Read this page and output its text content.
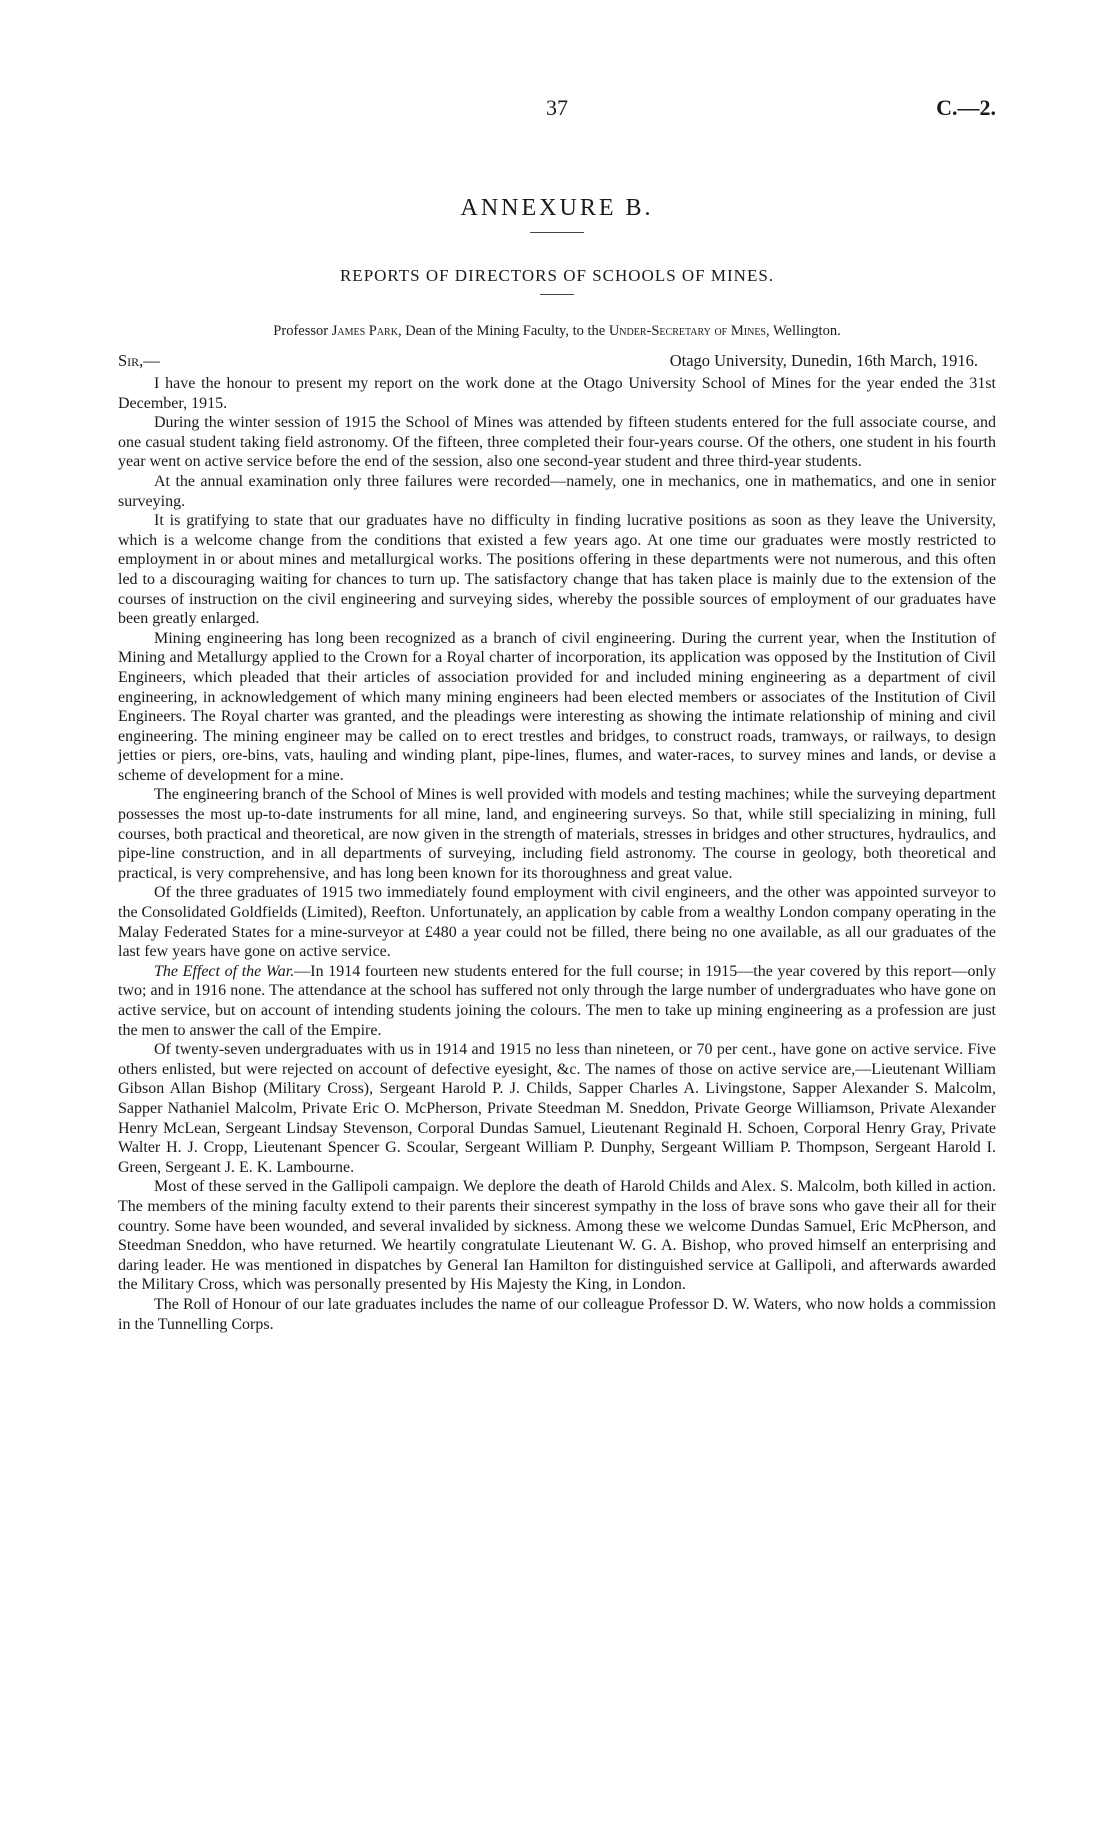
37	C.—2.
ANNEXURE B.
REPORTS OF DIRECTORS OF SCHOOLS OF MINES.
Professor James Park, Dean of the Mining Faculty, to the Under-Secretary of Mines, Wellington.
Sir,—	Otago University, Dunedin, 16th March, 1916.

I have the honour to present my report on the work done at the Otago University School of Mines for the year ended the 31st December, 1915.

During the winter session of 1915 the School of Mines was attended by fifteen students entered for the full associate course, and one casual student taking field astronomy. Of the fifteen, three completed their four-years course. Of the others, one student in his fourth year went on active service before the end of the session, also one second-year student and three third-year students.

At the annual examination only three failures were recorded—namely, one in mechanics, one in mathematics, and one in senior surveying.

It is gratifying to state that our graduates have no difficulty in finding lucrative positions as soon as they leave the University, which is a welcome change from the conditions that existed a few years ago. At one time our graduates were mostly restricted to employment in or about mines and metallurgical works. The positions offering in these departments were not numerous, and this often led to a discouraging waiting for chances to turn up. The satisfactory change that has taken place is mainly due to the extension of the courses of instruction on the civil engineering and surveying sides, whereby the possible sources of employment of our graduates have been greatly enlarged.

Mining engineering has long been recognized as a branch of civil engineering. During the current year, when the Institution of Mining and Metallurgy applied to the Crown for a Royal charter of incorporation, its application was opposed by the Institution of Civil Engineers, which pleaded that their articles of association provided for and included mining engineering as a department of civil engineering, in acknowledgement of which many mining engineers had been elected members or associates of the Institution of Civil Engineers. The Royal charter was granted, and the pleadings were interesting as showing the intimate relationship of mining and civil engineering. The mining engineer may be called on to erect trestles and bridges, to construct roads, tramways, or railways, to design jetties or piers, ore-bins, vats, hauling and winding plant, pipe-lines, flumes, and water-races, to survey mines and lands, or devise a scheme of development for a mine.

The engineering branch of the School of Mines is well provided with models and testing machines; while the surveying department possesses the most up-to-date instruments for all mine, land, and engineering surveys. So that, while still specializing in mining, full courses, both practical and theoretical, are now given in the strength of materials, stresses in bridges and other structures, hydraulics, and pipe-line construction, and in all departments of surveying, including field astronomy. The course in geology, both theoretical and practical, is very comprehensive, and has long been known for its thoroughness and great value.

Of the three graduates of 1915 two immediately found employment with civil engineers, and the other was appointed surveyor to the Consolidated Goldfields (Limited), Reefton. Unfortunately, an application by cable from a wealthy London company operating in the Malay Federated States for a mine-surveyor at £480 a year could not be filled, there being no one available, as all our graduates of the last few years have gone on active service.

The Effect of the War.—In 1914 fourteen new students entered for the full course; in 1915—the year covered by this report—only two; and in 1916 none. The attendance at the school has suffered not only through the large number of undergraduates who have gone on active service, but on account of intending students joining the colours. The men to take up mining engineering as a profession are just the men to answer the call of the Empire.

Of twenty-seven undergraduates with us in 1914 and 1915 no less than nineteen, or 70 per cent., have gone on active service. Five others enlisted, but were rejected on account of defective eyesight, &c. The names of those on active service are,—Lieutenant William Gibson Allan Bishop (Military Cross), Sergeant Harold P. J. Childs, Sapper Charles A. Livingstone, Sapper Alexander S. Malcolm, Sapper Nathaniel Malcolm, Private Eric O. McPherson, Private Steedman M. Sneddon, Private George Williamson, Private Alexander Henry McLean, Sergeant Lindsay Stevenson, Corporal Dundas Samuel, Lieutenant Reginald H. Schoen, Corporal Henry Gray, Private Walter H. J. Cropp, Lieutenant Spencer G. Scoular, Sergeant William P. Dunphy, Sergeant William P. Thompson, Sergeant Harold I. Green, Sergeant J. E. K. Lambourne.

Most of these served in the Gallipoli campaign. We deplore the death of Harold Childs and Alex. S. Malcolm, both killed in action. The members of the mining faculty extend to their parents their sincerest sympathy in the loss of brave sons who gave their all for their country. Some have been wounded, and several invalided by sickness. Among these we welcome Dundas Samuel, Eric McPherson, and Steedman Sneddon, who have returned. We heartily congratulate Lieutenant W. G. A. Bishop, who proved himself an enterprising and daring leader. He was mentioned in dispatches by General Ian Hamilton for distinguished service at Gallipoli, and afterwards awarded the Military Cross, which was personally presented by His Majesty the King, in London.

The Roll of Honour of our late graduates includes the name of our colleague Professor D. W. Waters, who now holds a commission in the Tunnelling Corps.
